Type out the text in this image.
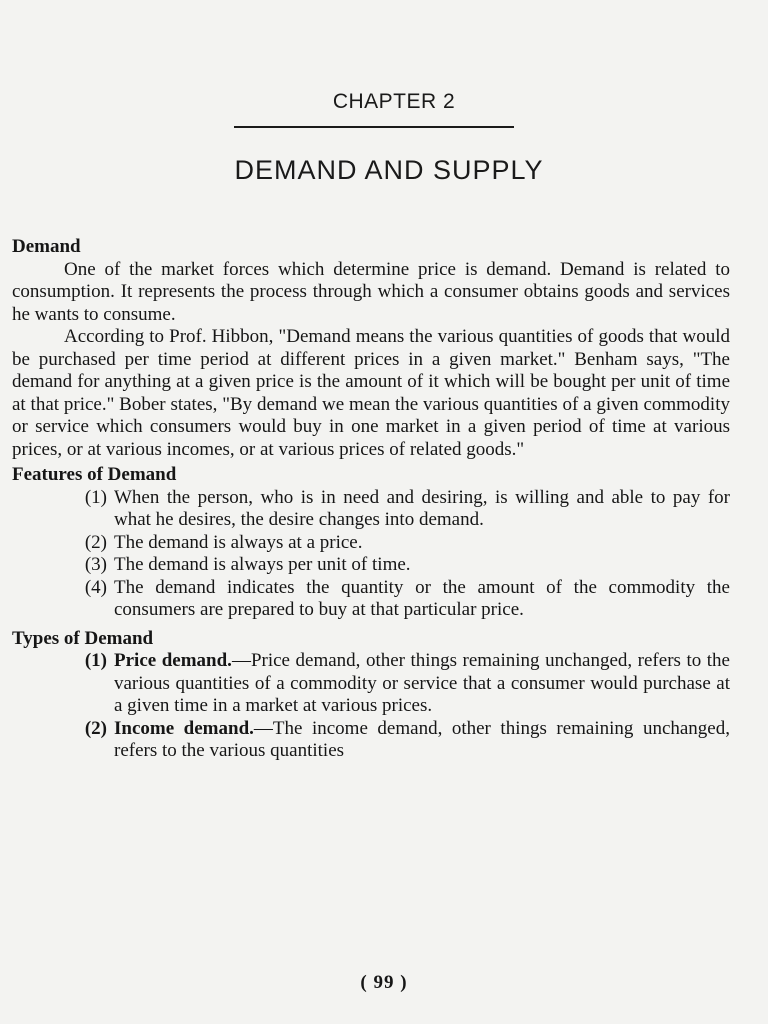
CHAPTER 2
DEMAND AND SUPPLY

Demand

One of the market forces which determine price is demand. Demand is related to consumption. It represents the process through which a consumer obtains goods and services he wants to consume.

According to Prof. Hibbon, "Demand means the various quantities of goods that would be purchased per time period at different prices in a given market." Benham says, "The demand for anything at a given price is the amount of it which will be bought per unit of time at that price." Bober states, "By demand we mean the various quantities of a given commodity or service which consumers would buy in one market in a given period of time at various prices, or at various incomes, or at various prices of related goods."

Features of Demand

(1) When the person, who is in need and desiring, is willing and able to pay for what he desires, the desire changes into demand.
(2) The demand is always at a price.
(3) The demand is always per unit of time.
(4) The demand indicates the quantity or the amount of the commodity the consumers are prepared to buy at that particular price.

Types of Demand

(1) Price demand.—Price demand, other things remaining unchanged, refers to the various quantities of a commodity or service that a consumer would purchase at a given time in a market at various prices.
(2) Income demand.—The income demand, other things remaining unchanged, refers to the various quantities
( 99 )
